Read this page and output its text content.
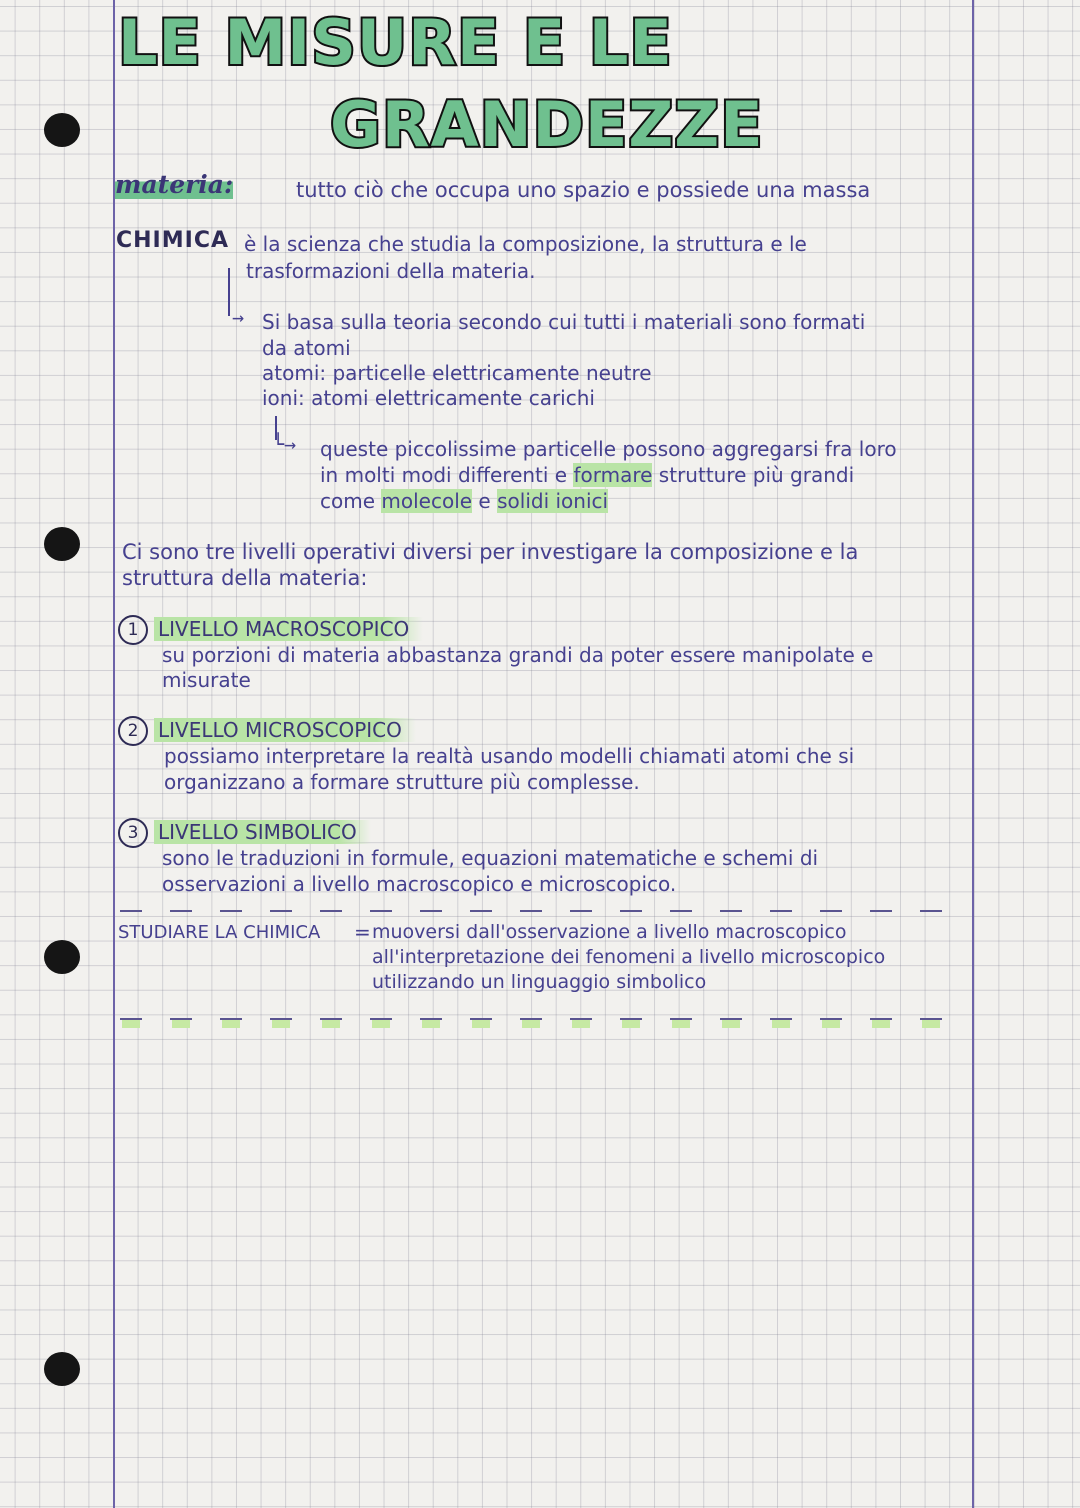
LE MISURE E LE
GRANDEZZE
materia:	tutto ciò che occupa uno spazio e possiede una massa
CHIMICA è la scienza che studia la composizione, la struttura e le
trasformazioni della materia.
→ Si basa sulla teoria secondo cui tutti i materiali sono formati
da atomi
atomi: particelle elettricamente neutre
ioni: atomi elettricamente carichi
└→ queste piccolissime particelle possono aggregarsi fra loro
in molti modi differenti e formare strutture più grandi
come molecole e solidi ionici
Ci sono tre livelli operativi diversi per investigare la composizione e la
struttura della materia:
1 LIVELLO MACROSCOPICO
su porzioni di materia abbastanza grandi da poter essere manipolate e
misurate
2 LIVELLO MICROSCOPICO
possiamo interpretare la realtà usando modelli chiamati atomi che si
organizzano a formare strutture più complesse.
3 LIVELLO SIMBOLICO
sono le traduzioni in formule, equazioni matematiche e schemi di
osservazioni a livello macroscopico e microscopico.
STUDIARE LA CHIMICA = muoversi dall'osservazione a livello macroscopico
all'interpretazione dei fenomeni a livello microscopico
utilizzando un linguaggio simbolico
